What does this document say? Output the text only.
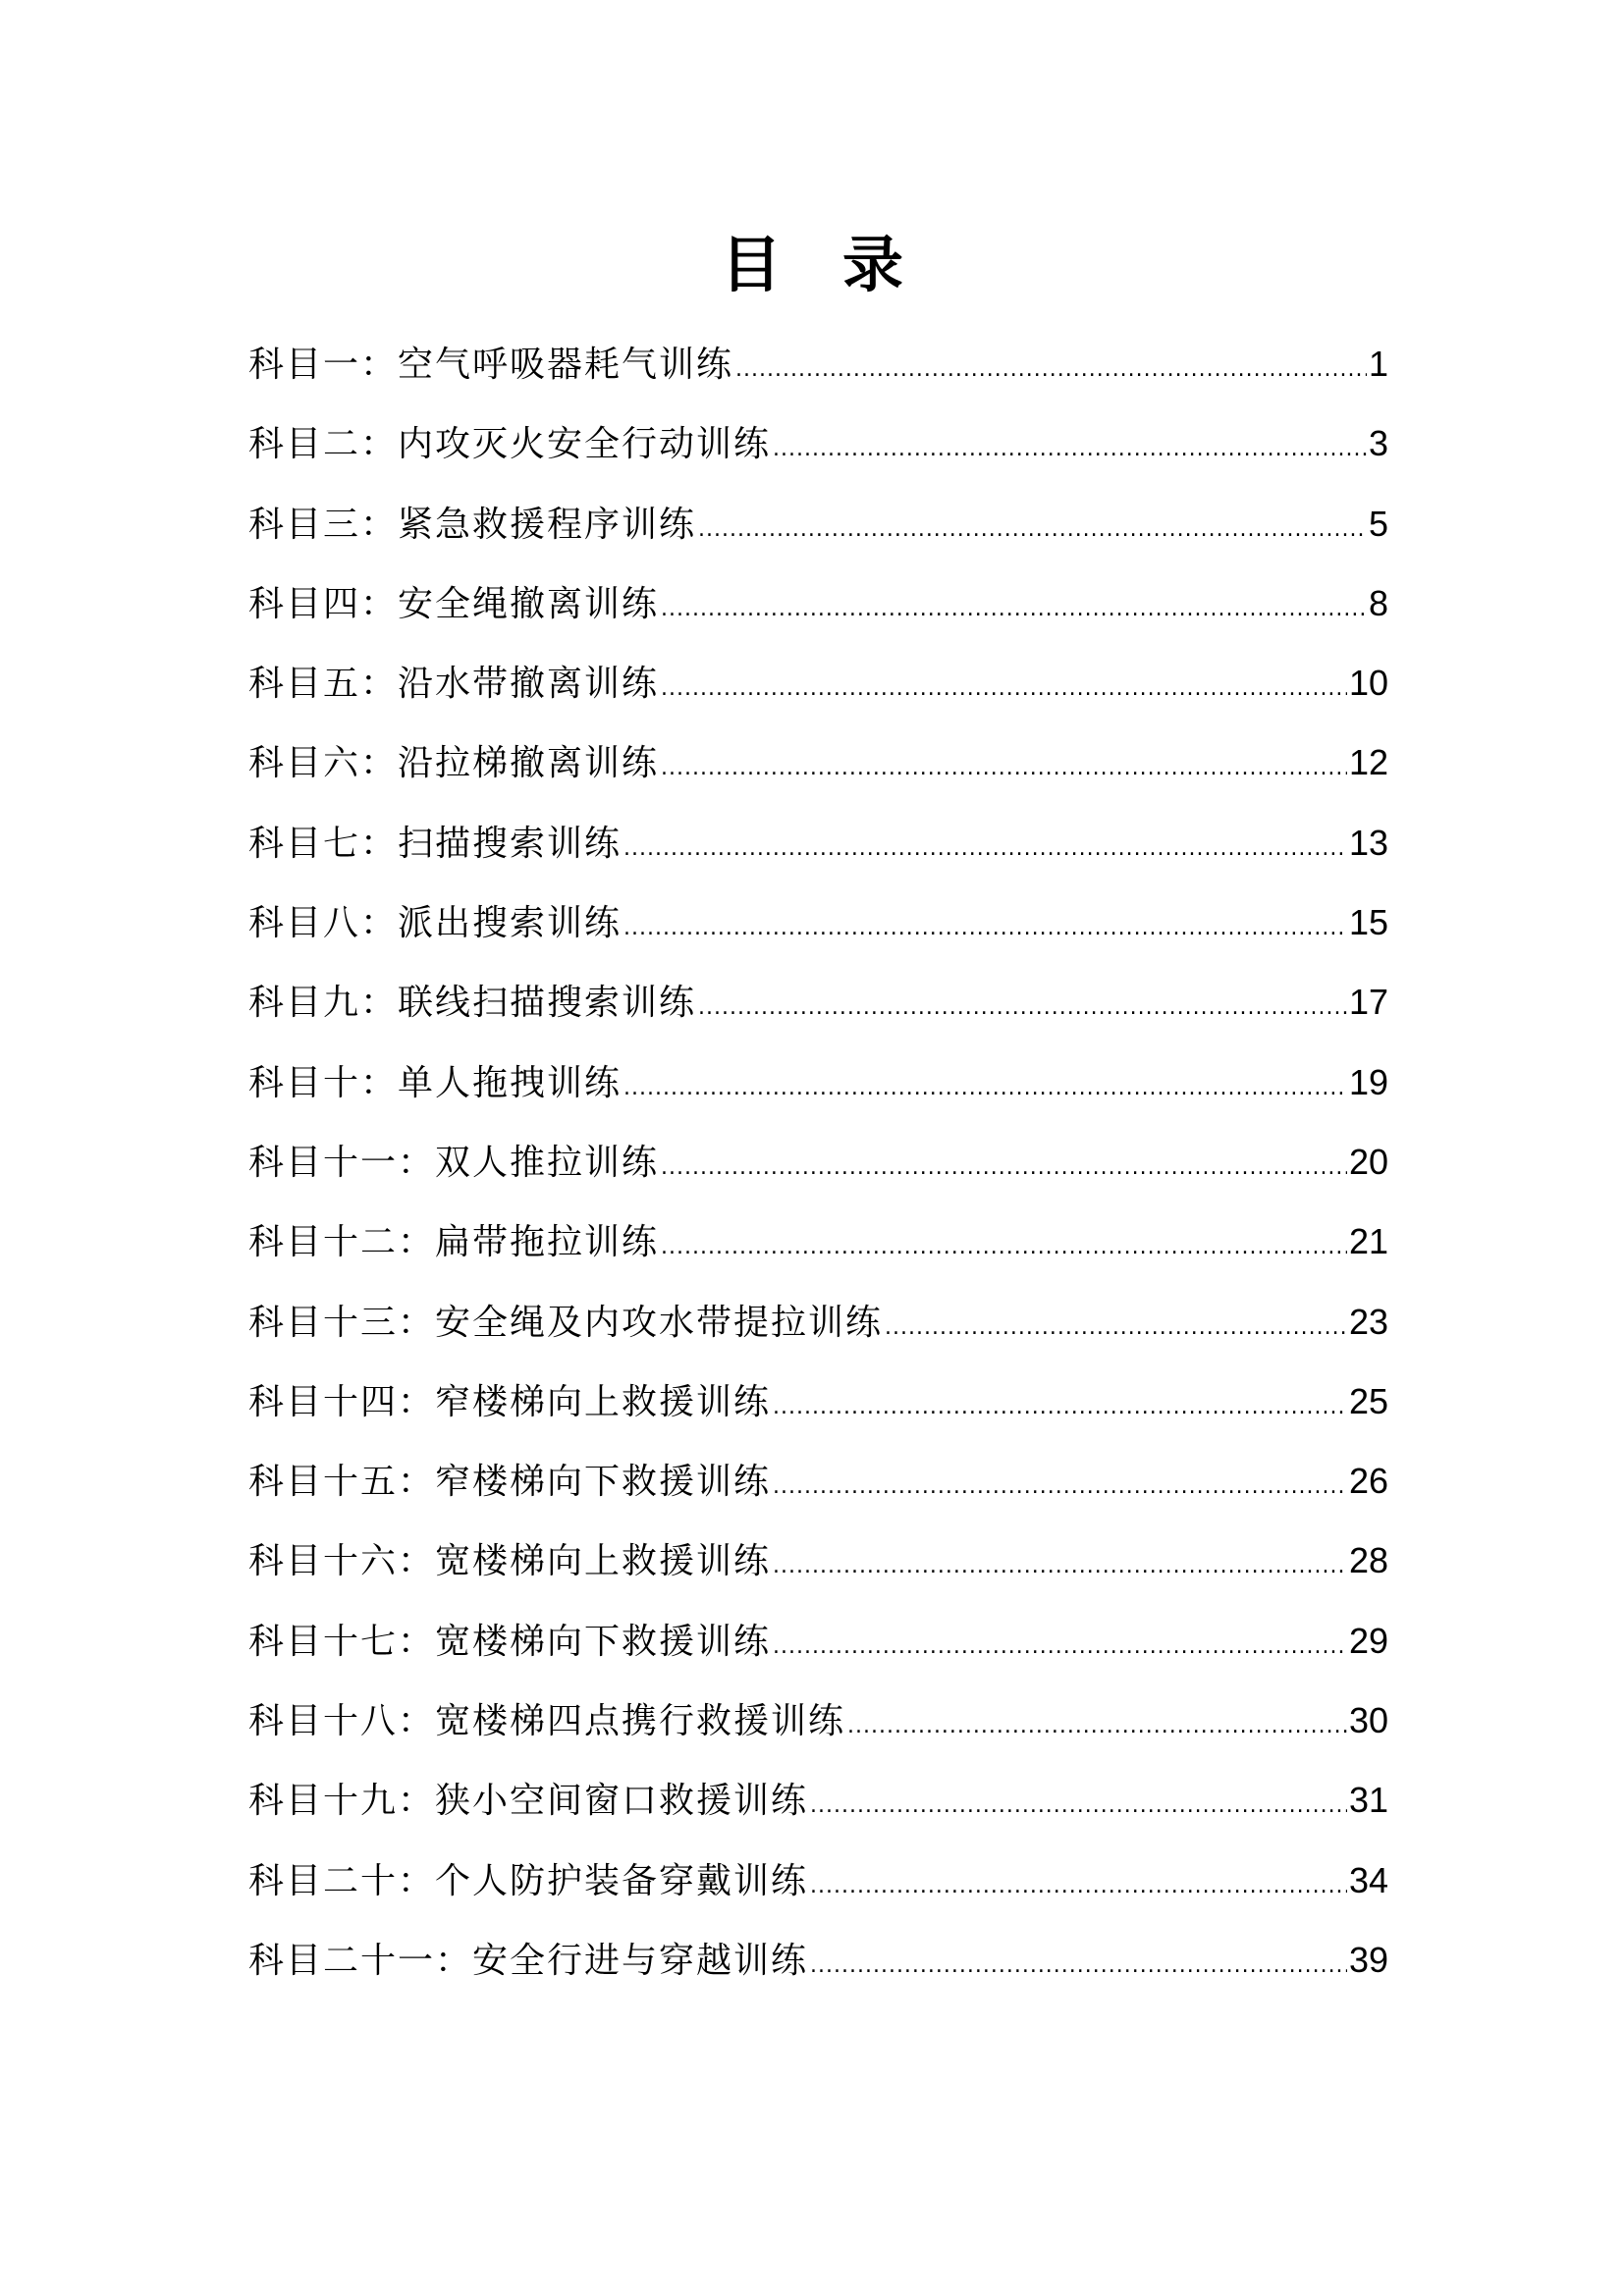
目录
科目一：空气呼吸器耗气训练 .....	1
科目二：内攻灭火安全行动训练 .....	3
科目三：紧急救援程序训练 .....	5
科目四：安全绳撤离训练 .....	8
科目五：沿水带撤离训练 .....	10
科目六：沿拉梯撤离训练 .....	12
科目七：扫描搜索训练 .....	13
科目八：派出搜索训练 .....	15
科目九：联线扫描搜索训练 .....	17
科目十：单人拖拽训练 .....	19
科目十一：双人推拉训练 .....	20
科目十二：扁带拖拉训练 .....	21
科目十三：安全绳及内攻水带提拉训练 .....	23
科目十四：窄楼梯向上救援训练 .....	25
科目十五：窄楼梯向下救援训练 .....	26
科目十六：宽楼梯向上救援训练 .....	28
科目十七：宽楼梯向下救援训练 .....	29
科目十八：宽楼梯四点携行救援训练 .....	30
科目十九：狭小空间窗口救援训练 .....	31
科目二十：个人防护装备穿戴训练 .....	34
科目二十一：安全行进与穿越训练 .....	39
